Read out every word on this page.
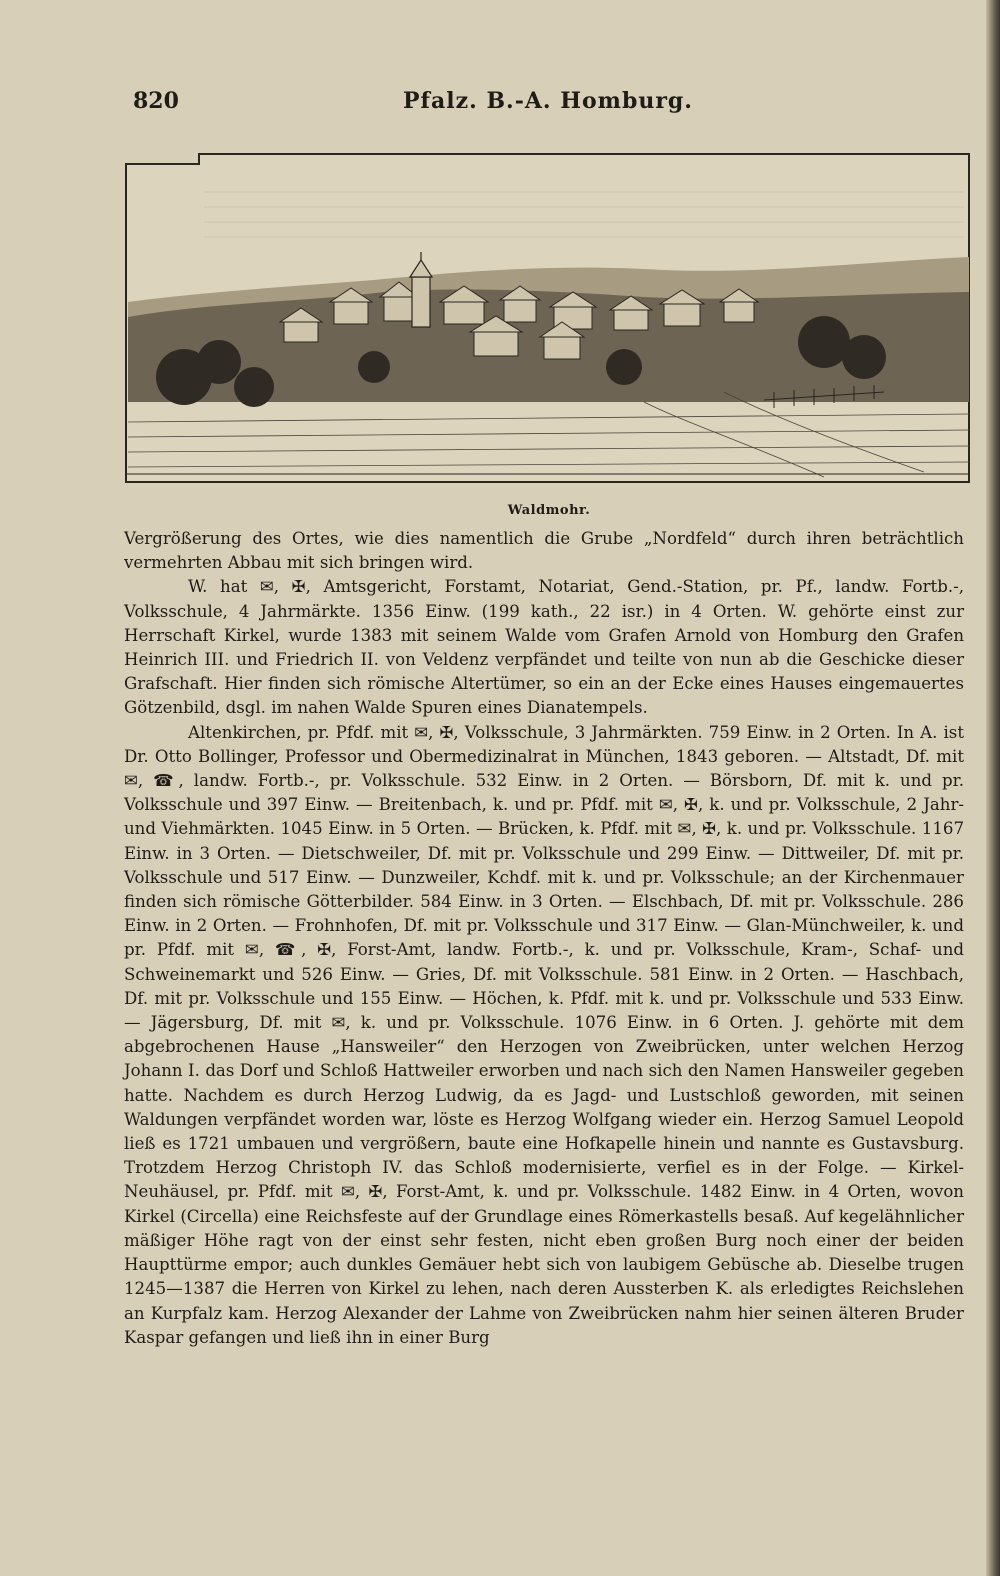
820	Pfalz. B.-A. Homburg.
Waldmohr.

Vergrößerung des Ortes, wie dies namentlich die Grube „Nordfeld“ durch ihren beträchtlich vermehrten Abbau mit sich bringen wird.

W. hat ✉, ✠, Amtsgericht, Forstamt, Notariat, Gend.-Station, pr. Pf., landw. Fortb.-, Volksschule, 4 Jahrmärkte. 1356 Einw. (199 kath., 22 isr.) in 4 Orten. W. gehörte einst zur Herrschaft Kirkel, wurde 1383 mit seinem Walde vom Grafen Arnold von Homburg den Grafen Heinrich III. und Friedrich II. von Veldenz verpfändet und teilte von nun ab die Geschicke dieser Grafschaft. Hier finden sich römische Altertümer, so ein an der Ecke eines Hauses eingemauertes Götzenbild, dsgl. im nahen Walde Spuren eines Dianatempels.

Altenkirchen, pr. Pfdf. mit ✉, ✠, Volksschule, 3 Jahrmärkten. 759 Einw. in 2 Orten. In A. ist Dr. Otto Bollinger, Professor und Obermedizinalrat in München, 1843 geboren. — Altstadt, Df. mit ✉, ☎, landw. Fortb.-, pr. Volksschule. 532 Einw. in 2 Orten. — Börsborn, Df. mit k. und pr. Volksschule und 397 Einw. — Breitenbach, k. und pr. Pfdf. mit ✉, ✠, k. und pr. Volksschule, 2 Jahr- und Viehmärkten. 1045 Einw. in 5 Orten. — Brücken, k. Pfdf. mit ✉, ✠, k. und pr. Volksschule. 1167 Einw. in 3 Orten. — Dietschweiler, Df. mit pr. Volksschule und 299 Einw. — Dittweiler, Df. mit pr. Volksschule und 517 Einw. — Dunzweiler, Kchdf. mit k. und pr. Volksschule; an der Kirchenmauer finden sich römische Götterbilder. 584 Einw. in 3 Orten. — Elschbach, Df. mit pr. Volksschule. 286 Einw. in 2 Orten. — Frohnhofen, Df. mit pr. Volksschule und 317 Einw. — Glan-Münchweiler, k. und pr. Pfdf. mit ✉, ☎, ✠, Forst-Amt, landw. Fortb.-, k. und pr. Volksschule, Kram-, Schaf- und Schweinemarkt und 526 Einw. — Gries, Df. mit Volksschule. 581 Einw. in 2 Orten. — Haschbach, Df. mit pr. Volksschule und 155 Einw. — Höchen, k. Pfdf. mit k. und pr. Volksschule und 533 Einw. — Jägersburg, Df. mit ✉, k. und pr. Volksschule. 1076 Einw. in 6 Orten. J. gehörte mit dem abgebrochenen Hause „Hansweiler“ den Herzogen von Zweibrücken, unter welchen Herzog Johann I. das Dorf und Schloß Hattweiler erworben und nach sich den Namen Hansweiler gegeben hatte. Nachdem es durch Herzog Ludwig, da es Jagd- und Lustschloß geworden, mit seinen Waldungen verpfändet worden war, löste es Herzog Wolfgang wieder ein. Herzog Samuel Leopold ließ es 1721 umbauen und vergrößern, baute eine Hofkapelle hinein und nannte es Gustavsburg. Trotzdem Herzog Christoph IV. das Schloß modernisierte, verfiel es in der Folge. — Kirkel-Neuhäusel, pr. Pfdf. mit ✉, ✠, Forst-Amt, k. und pr. Volksschule. 1482 Einw. in 4 Orten, wovon Kirkel (Circella) eine Reichsfeste auf der Grundlage eines Römerkastells besaß. Auf kegelähnlicher mäßiger Höhe ragt von der einst sehr festen, nicht eben großen Burg noch einer der beiden Haupttürme empor; auch dunkles Gemäuer hebt sich von laubigem Gebüsche ab. Dieselbe trugen 1245—1387 die Herren von Kirkel zu lehen, nach deren Aussterben K. als erledigtes Reichslehen an Kurpfalz kam. Herzog Alexander der Lahme von Zweibrücken nahm hier seinen älteren Bruder Kaspar gefangen und ließ ihn in einer Burg
